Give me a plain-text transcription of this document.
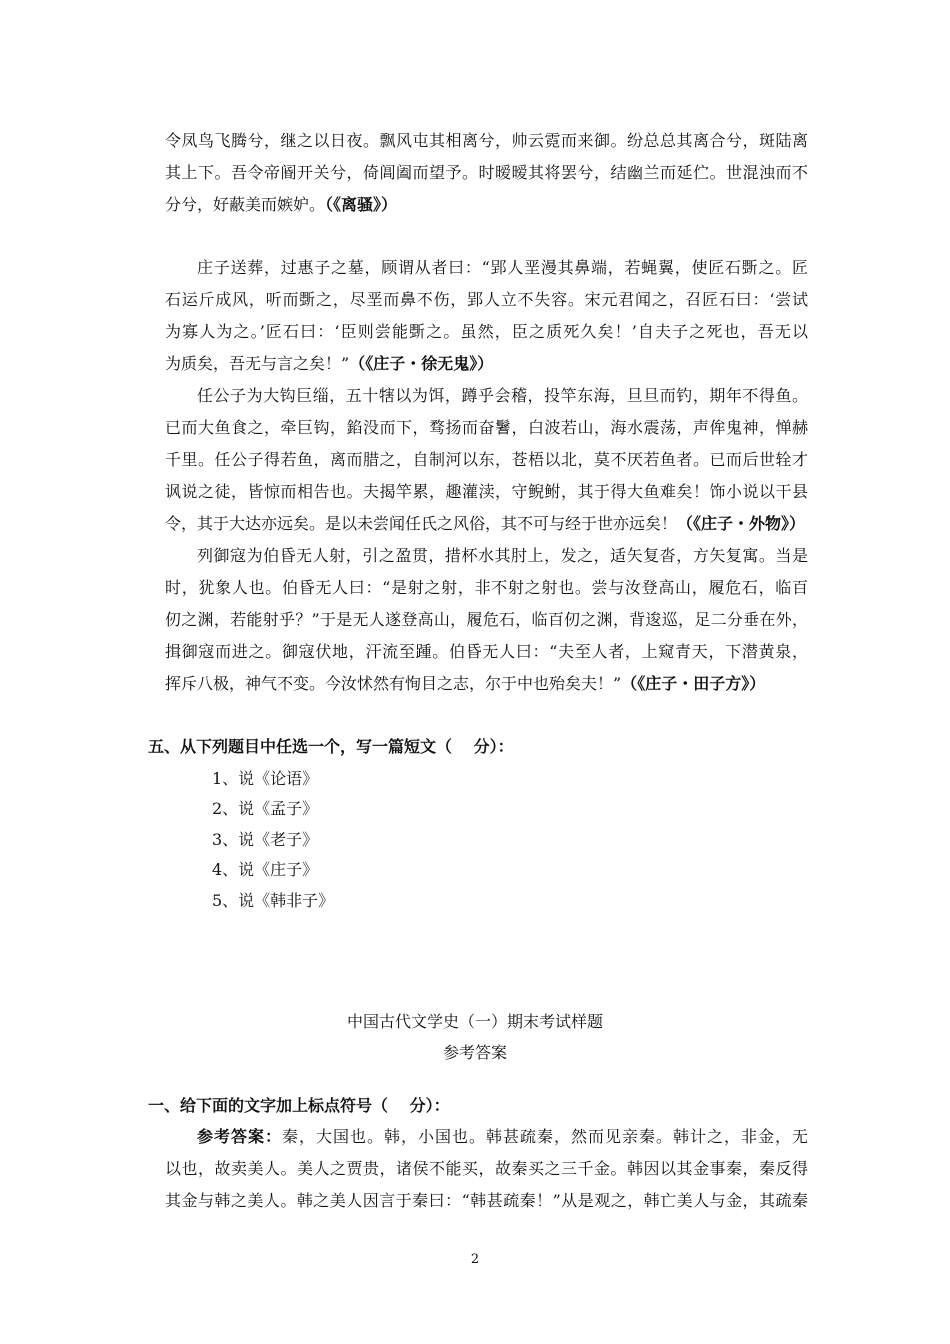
令凤鸟飞腾兮，继之以日夜。飘风屯其相离兮，帅云霓而来御。纷总总其离合兮，斑陆离
其上下。吾令帝阍开关兮，倚阊阖而望予。时暧暧其将罢兮，结幽兰而延伫。世混浊而不
分兮，好蔽美而嫉妒。（《离骚》）
庄子送葬，过惠子之墓，顾谓从者曰：“郢人垩漫其鼻端，若蝇翼，使匠石斲之。匠
石运斤成风，听而斲之，尽垩而鼻不伤，郢人立不失容。宋元君闻之，召匠石曰：‘尝试
为寡人为之。’匠石曰：‘臣则尝能斲之。虽然，臣之质死久矣！’自夫子之死也，吾无以
为质矣，吾无与言之矣！”（《庄子・徐无鬼》）
任公子为大钩巨缁，五十犗以为饵，蹲乎会稽，投竿东海，旦旦而钓，期年不得鱼。
已而大鱼食之，牵巨钩，錎没而下，骛扬而奋鬐，白波若山，海水震荡，声侔鬼神，惮赫
千里。任公子得若鱼，离而腊之，自制河以东，苍梧以北，莫不厌若鱼者。已而后世辁才
讽说之徒，皆惊而相告也。夫揭竿累，趣灌渎，守鲵鲋，其于得大鱼难矣！饰小说以干县
令，其于大达亦远矣。是以未尝闻任氏之风俗，其不可与经于世亦远矣！（《庄子・外物》）
列御寇为伯昏无人射，引之盈贯，措杯水其肘上，发之，适矢复沓，方矢复寓。当是
时，犹象人也。伯昏无人曰：“是射之射，非不射之射也。尝与汝登高山，履危石，临百
仞之渊，若能射乎？”于是无人遂登高山，履危石，临百仞之渊，背逡巡，足二分垂在外，
揖御寇而进之。御寇伏地，汗流至踵。伯昏无人曰：“夫至人者，上窥青天，下潜黄泉，
挥斥八极，神气不变。今汝怵然有恂目之志，尔于中也殆矣夫！”（《庄子・田子方》）
五、从下列题目中任选一个，写一篇短文（　 分）：
1、说《论语》
2、说《孟子》
3、说《老子》
4、说《庄子》
5、说《韩非子》
中国古代文学史（一）期末考试样题
参考答案
一、给下面的文字加上标点符号（　 分）：
参考答案：秦，大国也。韩，小国也。韩甚疏秦，然而见亲秦。韩计之，非金，无
以也，故卖美人。美人之贾贵，诸侯不能买，故秦买之三千金。韩因以其金事秦，秦反得
其金与韩之美人。韩之美人因言于秦曰：“韩甚疏秦！”从是观之，韩亡美人与金，其疏秦
2
